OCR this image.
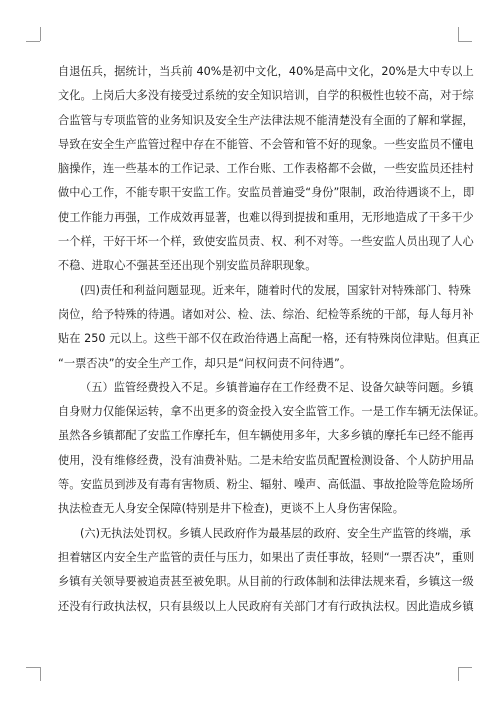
自退伍兵，据统计，当兵前 40%是初中文化，40%是高中文化，20%是大中专以上
文化。上岗后大多没有接受过系统的安全知识培训，自学的积极性也较不高，对于综
合监管与专项监管的业务知识及安全生产法律法规不能清楚没有全面的了解和掌握，
导致在安全生产监管过程中存在不能管、不会管和管不好的现象。一些安监员不懂电
脑操作，连一些基本的工作记录、工作台账、工作表格都不会做，一些安监员还挂村
做中心工作，不能专职干安监工作。安监员普遍受“身份”限制，政治待遇谈不上，即
使工作能力再强，工作成效再显著，也难以得到提拔和重用，无形地造成了干多干少
一个样，干好干坏一个样，致使安监员责、权、利不对等。一些安监人员出现了人心
不稳、进取心不强甚至还出现个别安监员辞职现象。
(四)责任和利益问题显现。近来年，随着时代的发展，国家针对特殊部门、特殊
岗位，给予特殊的待遇。诸如对公、检、法、综治、纪检等系统的干部，每人每月补
贴在 250 元以上。这些干部不仅在政治待遇上高配一格，还有特殊岗位津贴。但真正
“一票否决”的安全生产工作，却只是“问权问责不问待遇”。
（五）监管经费投入不足。乡镇普遍存在工作经费不足、设备欠缺等问题。乡镇
自身财力仅能保运转，拿不出更多的资金投入安全监管工作。一是工作车辆无法保证。
虽然各乡镇都配了安监工作摩托车，但车辆使用多年，大多乡镇的摩托车已经不能再
使用，没有维修经费，没有油费补贴。二是未给安监员配置检测设备、个人防护用品
等。安监员到涉及有毒有害物质、粉尘、辐射、噪声、高低温、事故抢险等危险场所
执法检查无人身安全保障(特别是井下检查)，更谈不上人身伤害保险。
(六)无执法处罚权。乡镇人民政府作为最基层的政府、安全生产监管的终端，承
担着辖区内安全生产监管的责任与压力，如果出了责任事故，轻则“一票否决”，重则
乡镇有关领导要被追责甚至被免职。从目前的行政体制和法律法规来看，乡镇这一级
还没有行政执法权，只有县级以上人民政府有关部门才有行政执法权。因此造成乡镇
